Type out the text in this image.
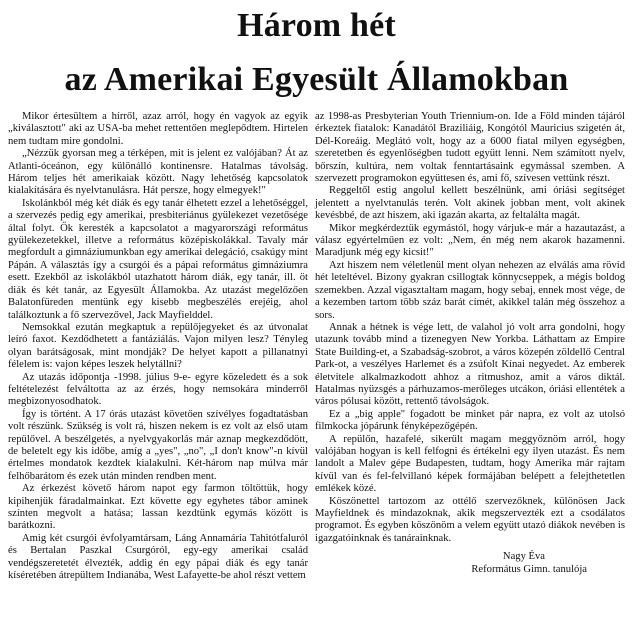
Három hét
az Amerikai Egyesült Államokban

Mikor értesültem a hírről, azaz arról, hogy én vagyok az egyik „kiválasztott" aki az USA-ba mehet rettentően meglepődtem. Hirtelen nem tudtam mire gondolni.

„Nézzük gyorsan meg a térképen, mit is jelent ez valójában? Át az Atlanti-óceánon, egy különálló kontinensre. Hatalmas távolság. Három teljes hét amerikaiak között. Nagy lehetőség kapcsolatok kialakítására és nyelvtanulásra. Hát persze, hogy elmegyek!"

Iskolánkból még két diák és egy tanár élhetett ezzel a lehetőséggel, a szervezés pedig egy amerikai, presbiteriánus gyülekezet vezetősége által folyt. Ők keresték a kapcsolatot a magyarországi református gyülekezetekkel, illetve a református középiskolákkal. Tavaly már megfordult a gimnáziumunkban egy amerikai delegáció, csakúgy mint Pápán. A választás így a csurgói és a pápai református gimnáziumra esett. Ezekből az iskolákból utazhatott három diák, egy tanár, ill. öt diák és két tanár, az Egyesült Államokba. Az utazást megelőzően Balatonfüreden mentünk egy kisebb megbeszélés erejéig, ahol találkoztunk a fő szervezővel, Jack Mayfielddel.

Nemsokkal ezután megkaptuk a repülőjegyeket és az útvonalat leíró faxot. Kezdődhetett a fantáziálás. Vajon milyen lesz? Tényleg olyan barátságosak, mint mondják? De helyet kapott a pillanatnyi félelem is: vajon képes leszek helytállni?

Az utazás időpontja -1998. július 9-e- egyre közeledett és a sok feltételezést felváltotta az az érzés, hogy nemsokára minderről megbizonyosodhatok.

Így is történt. A 17 órás utazást követően szívélyes fogadtatásban volt részünk. Szükség is volt rá, hiszen nekem is ez volt az első utam repülővel. A beszélgetés, a nyelvgyakorlás már aznap megkezdődött, de beletelt egy kis időbe, amíg a „yes", „no", „I don't know"-n kívül értelmes mondatok kezdtek kialakulni. Két-három nap múlva már felhőbarátom és ezek után minden rendben ment.

Az érkezést követő három napot egy farmon töltöttük, hogy kipihenjük fáradalmainkat. Ezt követte egy egyhetes tábor aminek színten megvolt a hatása; lassan kezdtünk egymás között is barátkozni.

Amig két csurgói évfolyamtársam, Láng Annamária Tahitótfaluról és Bertalan Paszkal Csurgóról, egy-egy amerikai család vendégszeretetét élvezték, addig én egy pápai diák és egy tanár kíséretében átrepültem Indianába, West Lafayette-be ahol részt vettem

az 1998-as Presbyterian Youth Triennium-on. Ide a Föld minden tájáról érkeztek fiatalok: Kanadától Braziliáig, Kongótól Mauricius szigetén át, Dél-Koreáig. Meglátó volt, hogy az a 6000 fiatal milyen egységben, szeretetben és egyenlőségben tudott együtt lenni. Nem számított nyelv, bőrszín, kultúra, nem voltak fenntartásaink egymással szemben. A szervezett programokon együttesen és, ami fő, szívesen vettünk részt.

Reggeltől estig angolul kellett beszélnünk, ami óriási segítséget jelentett a nyelvtanulás terén. Volt akinek jobban ment, volt akinek kevésbbé, de azt hiszem, aki igazán akarta, az feltalálta magát.

Mikor megkérdeztük egymástól, hogy várjuk-e már a hazautazást, a válasz egyértelműen ez volt: „Nem, én még nem akarok hazamenni. Maradjunk még egy kicsit!"

Azt hiszem nem véletlenül ment olyan nehezen az elválás ama rövid hét leteltével. Bizony gyakran csillogtak könnycseppek, a mégis boldog szemekben. Azzal vigasztaltam magam, hogy sebaj, ennek most vége, de a kezemben tartom több száz barát címét, akikkel talán még összehoz a sors.

Annak a hétnek is vége lett, de valahol jó volt arra gondolni, hogy utazunk tovább mind a tizenegyen New Yorkba. Láthattam az Empire State Building-et, a Szabadság-szobrot, a város közepén zöldellő Central Park-ot, a veszélyes Harlemet és a zsúfolt Kínai negyedet. Az emberek életvitele alkalmazkodott ahhoz a ritmushoz, amit a város diktál. Hatalmas nyüzsgés a párhuzamos-merőleges utcákon, óriási ellentétek a város pólusai között, rettentő távolságok.

Ez a „big apple" fogadott be minket pár napra, ez volt az utolsó filmkocka jópárunk fényképezőgépén.

A repülőn, hazafelé, sikerült magam meggyőznöm arról, hogy valójában hogyan is kell felfogni és értékelni egy ilyen utazást. És nem landolt a Malev gépe Budapesten, tudtam, hogy Amerika már rajtam kívül van és fel-felvillanó képek formájában belépett a felejthetetlen emlékek közé.

Köszönettel tartozom az ottélő szervezőknek, különösen Jack Mayfieldnek és mindazoknak, akik megszervezték ezt a csodálatos programot. És egyben köszönöm a velem együtt utazó diákok nevében is igazgatóinknak és tanárainknak.

Nagy Éva
Református Gimn. tanulója
